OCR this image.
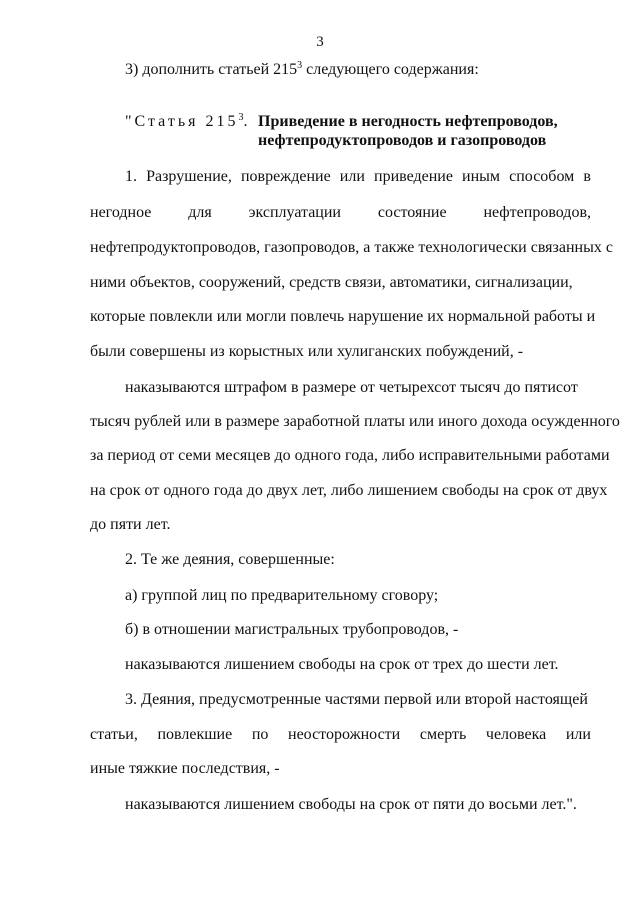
3
3) дополнить статьей $215^3$ следующего содержания:
"Статья $215^3$. Приведение в негодность нефтепроводов,
нефтепродуктопроводов и газопроводов
1. Разрушение, повреждение или приведение иным способом в
негодное для эксплуатации состояние нефтепроводов,
нефтепродуктопроводов, газопроводов, а также технологически связанных с
ними объектов, сооружений, средств связи, автоматики, сигнализации,
которые повлекли или могли повлечь нарушение их нормальной работы и
были совершены из корыстных или хулиганских побуждений, -
наказываются штрафом в размере от четырехсот тысяч до пятисот
тысяч рублей или в размере заработной платы или иного дохода осужденного
за период от семи месяцев до одного года, либо исправительными работами
на срок от одного года до двух лет, либо лишением свободы на срок от двух
до пяти лет.
2. Те же деяния, совершенные:
а) группой лиц по предварительному сговору;
б) в отношении магистральных трубопроводов, -
наказываются лишением свободы на срок от трех до шести лет.
3. Деяния, предусмотренные частями первой или второй настоящей
статьи, повлекшие по неосторожности смерть человека или
иные тяжкие последствия, -
наказываются лишением свободы на срок от пяти до восьми лет.".
